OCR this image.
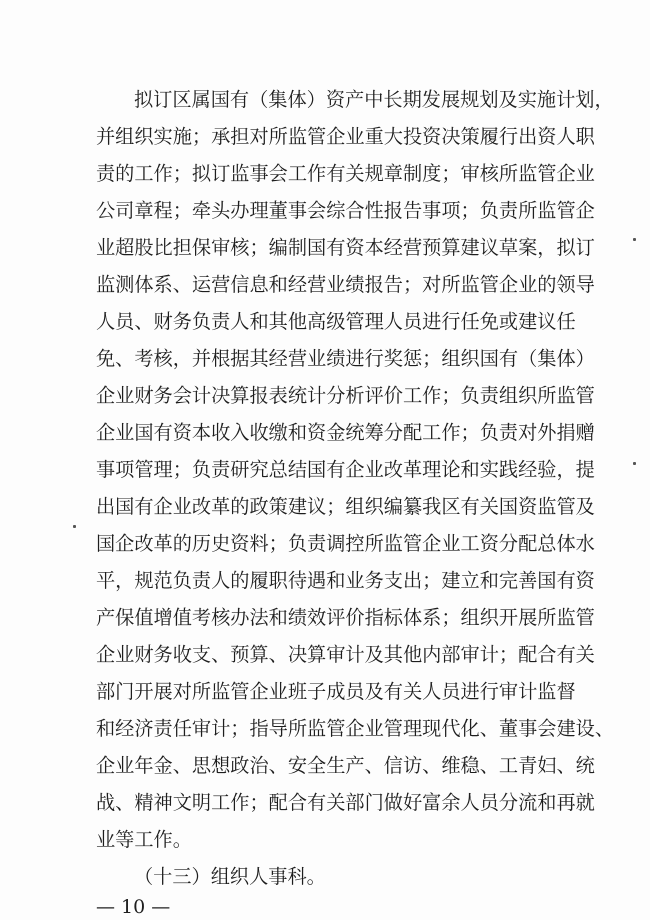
拟订区属国有（集体）资产中长期发展规划及实施计划，
并组织实施；承担对所监管企业重大投资决策履行出资人职
责的工作；拟订监事会工作有关规章制度；审核所监管企业
公司章程；牵头办理董事会综合性报告事项；负责所监管企
业超股比担保审核；编制国有资本经营预算建议草案，拟订
监测体系、运营信息和经营业绩报告；对所监管企业的领导
人员、财务负责人和其他高级管理人员进行任免或建议任
免、考核，并根据其经营业绩进行奖惩；组织国有（集体）
企业财务会计决算报表统计分析评价工作；负责组织所监管
企业国有资本收入收缴和资金统筹分配工作；负责对外捐赠
事项管理；负责研究总结国有企业改革理论和实践经验，提
出国有企业改革的政策建议；组织编纂我区有关国资监管及
国企改革的历史资料；负责调控所监管企业工资分配总体水
平，规范负责人的履职待遇和业务支出；建立和完善国有资
产保值增值考核办法和绩效评价指标体系；组织开展所监管
企业财务收支、预算、决算审计及其他内部审计；配合有关
部门开展对所监管企业班子成员及有关人员进行审计监督
和经济责任审计；指导所监管企业管理现代化、董事会建设、
企业年金、思想政治、安全生产、信访、维稳、工青妇、统
战、精神文明工作；配合有关部门做好富余人员分流和再就
业等工作。
（十三）组织人事科。
— 10 —
